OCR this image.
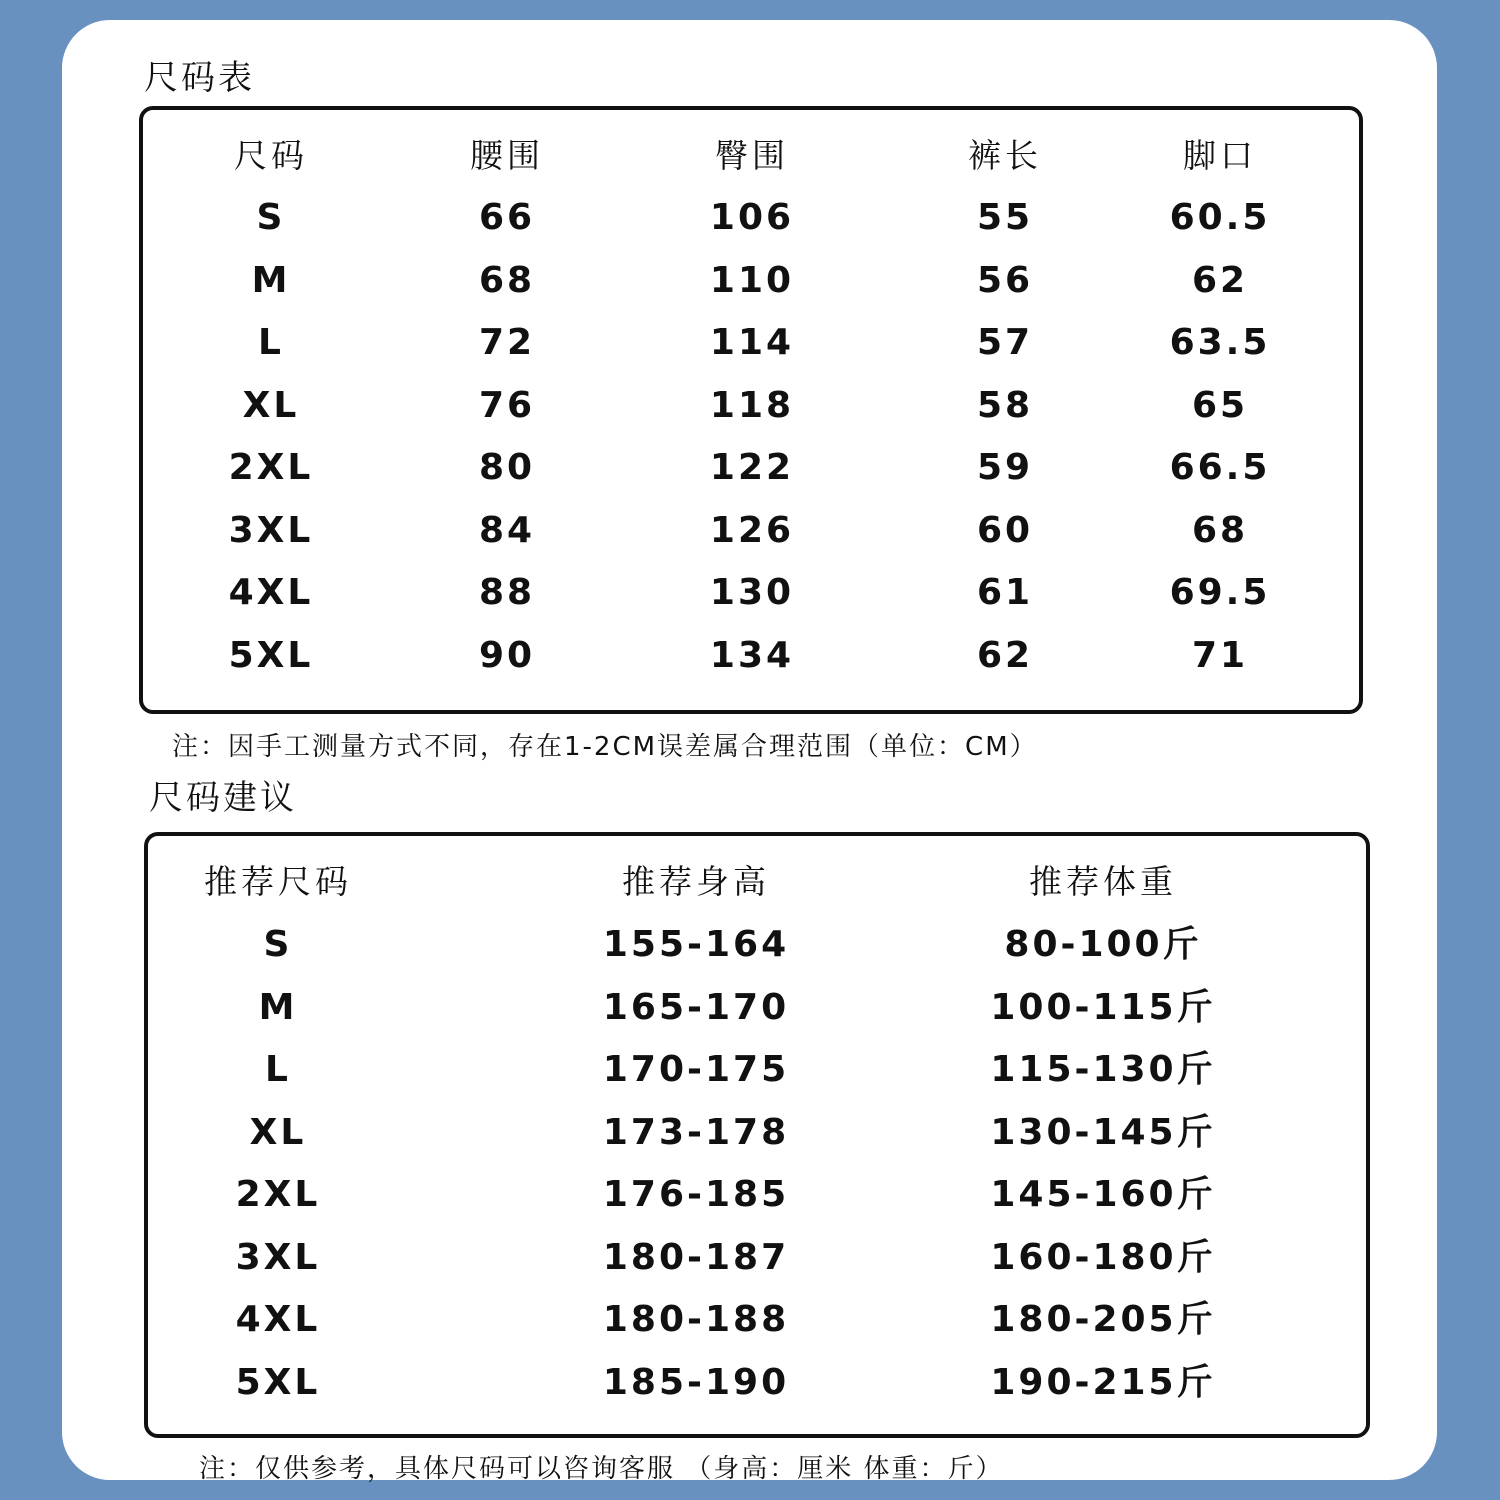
尺码表
尺码	腰围	臀围	裤长	脚口
S	66	106	55	60.5
M	68	110	56	62
L	72	114	57	63.5
XL	76	118	58	65
2XL	80	122	59	66.5
3XL	84	126	60	68
4XL	88	130	61	69.5
5XL	90	134	62	71
注：因手工测量方式不同，存在1-2CM误差属合理范围（单位：CM）
尺码建议
推荐尺码	推荐身高	推荐体重
S	155-164	80-100斤
M	165-170	100-115斤
L	170-175	115-130斤
XL	173-178	130-145斤
2XL	176-185	145-160斤
3XL	180-187	160-180斤
4XL	180-188	180-205斤
5XL	185-190	190-215斤
注：仅供参考，具体尺码可以咨询客服 （身高：厘米 体重：斤）
